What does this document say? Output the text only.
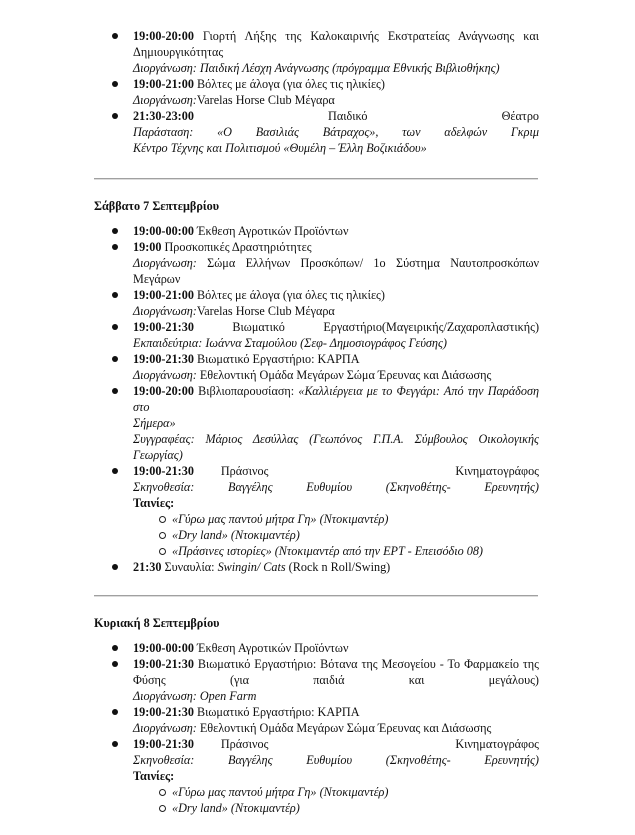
19:00-20:00 Γιορτή Λήξης της Καλοκαιρινής Εκστρατείας Ανάγνωσης και
Δημιουργικότητας
Διοργάνωση: Παιδική Λέσχη Ανάγνωσης (πρόγραμμα Εθνικής Βιβλιοθήκης)
19:00-21:00 Βόλτες με άλογα (για όλες τις ηλικίες)
Διοργάνωση:Varelas Horse Club Μέγαρα
21:30-23:00	Παιδικό	Θέατρο
Παράσταση: «Ο Βασιλιάς Βάτραχος», των αδελφών Γκριμ
Κέντρο Τέχνης και Πολιτισμού «Θυμέλη – Έλλη Βοζικιάδου»

Σάββατο 7 Σεπτεμβρίου

19:00-00:00 Έκθεση Αγροτικών Προϊόντων
19:00 Προσκοπικές Δραστηριότητες
Διοργάνωση: Σώμα Ελλήνων Προσκόπων/ 1ο Σύστημα Ναυτοπροσκόπων Μεγάρων
19:00-21:00 Βόλτες με άλογα (για όλες τις ηλικίες)
Διοργάνωση:Varelas Horse Club Μέγαρα
19:00-21:30	Βιωματικό Εργαστήριο(Μαγειρικής/Ζαχαροπλαστικής)
Εκπαιδεύτρια: Ιωάννα Σταμούλου (Σεφ- Δημοσιογράφος Γεύσης)
19:00-21:30 Βιωματικό Εργαστήριο: ΚΑΡΠΑ
Διοργάνωση: Εθελοντική Ομάδα Μεγάρων Σώμα Έρευνας και Διάσωσης
19:00-20:00 Βιβλιοπαρουσίαση: «Καλλιέργεια με το Φεγγάρι: Από την Παράδοση στο
Σήμερα»
Συγγραφέας: Μάριος Δεσύλλας (Γεωπόνος Γ.Π.Α. Σύμβουλος Οικολογικής Γεωργίας)
19:00-21:30 Πράσινος Κινηματογράφος
Σκηνοθεσία: Βαγγέλης Ευθυμίου (Σκηνοθέτης- Ερευνητής)
Ταινίες:
«Γύρω μας παντού μήτρα Γη» (Ντοκιμαντέρ)
«Dry land» (Ντοκιμαντέρ)
«Πράσινες ιστορίες» (Ντοκιμαντέρ από την ΕΡΤ - Επεισόδιο 08)
21:30 Συναυλία: Swingin/ Cats (Rock n Roll/Swing)

Κυριακή 8 Σεπτεμβρίου

19:00-00:00 Έκθεση Αγροτικών Προϊόντων
19:00-21:30 Βιωματικό Εργαστήριο: Βότανα της Μεσογείου - Το Φαρμακείο της
Φύσης (για παιδιά και μεγάλους)
Διοργάνωση: Open Farm
19:00-21:30 Βιωματικό Εργαστήριο: ΚΑΡΠΑ
Διοργάνωση: Εθελοντική Ομάδα Μεγάρων Σώμα Έρευνας και Διάσωσης
19:00-21:30 Πράσινος Κινηματογράφος
Σκηνοθεσία: Βαγγέλης Ευθυμίου (Σκηνοθέτης- Ερευνητής)
Ταινίες:
«Γύρω μας παντού μήτρα Γη» (Ντοκιμαντέρ)
«Dry land» (Ντοκιμαντέρ)
